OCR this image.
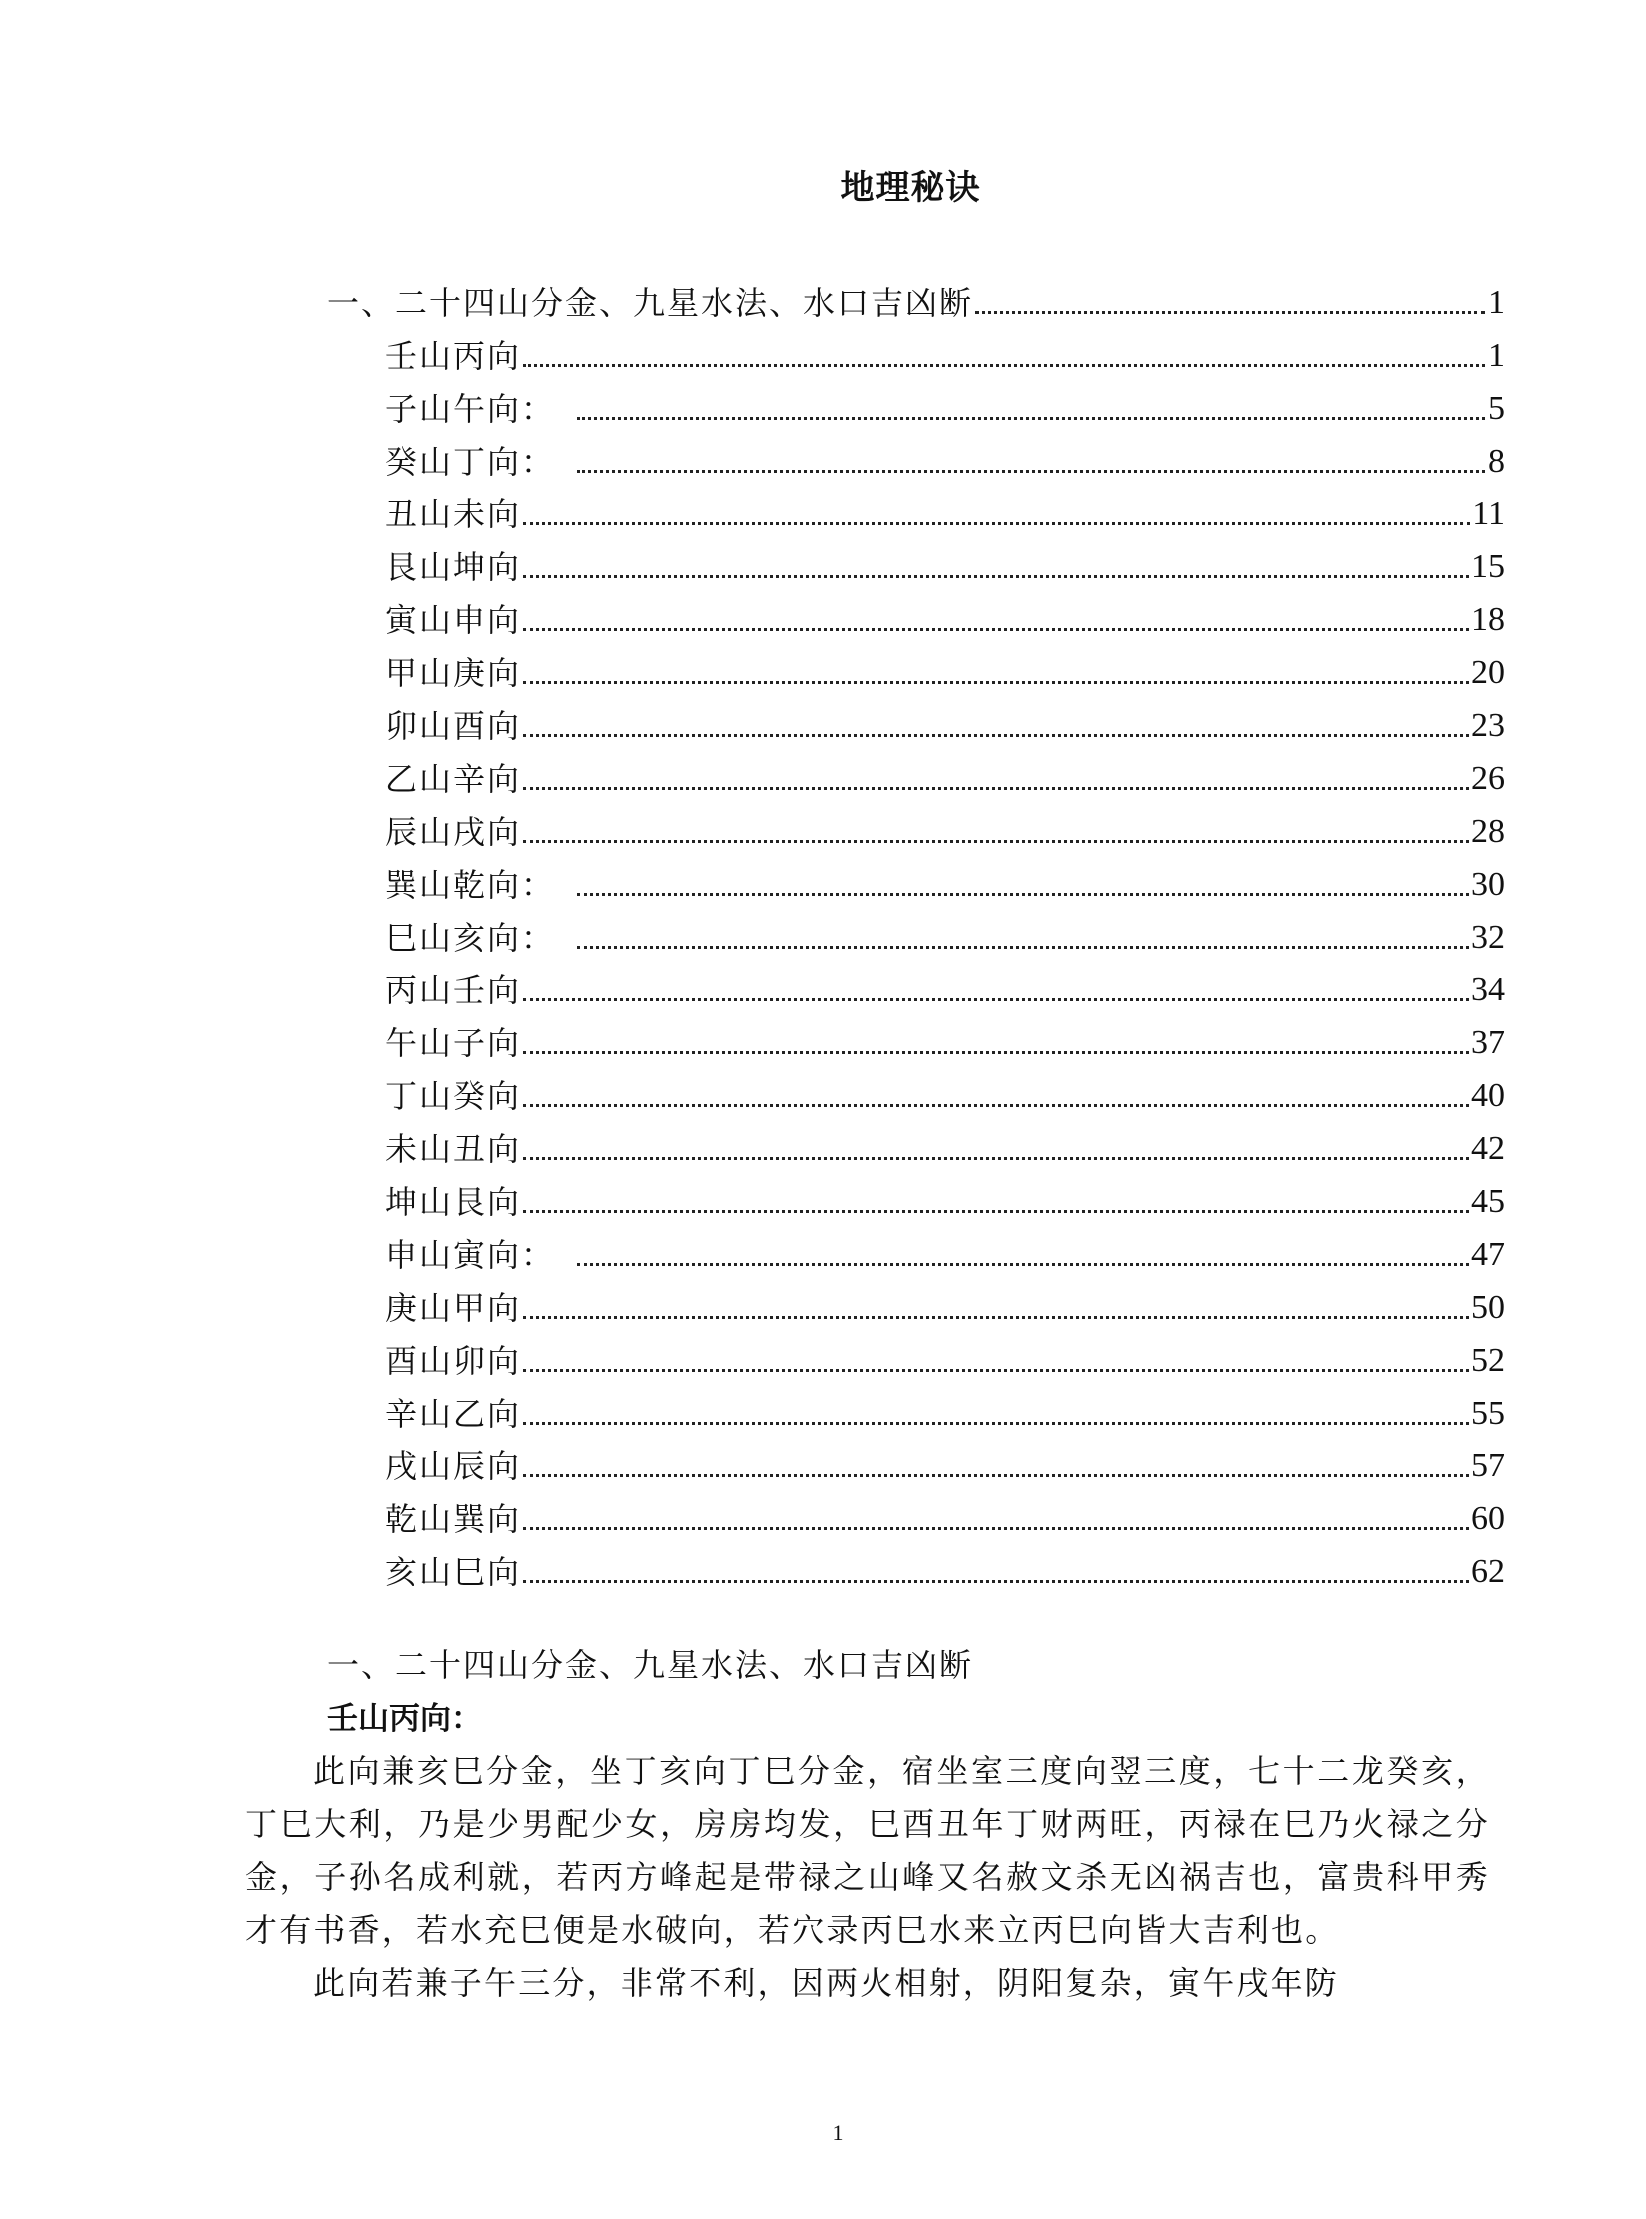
地理秘诀
一、二十四山分金、九星水法、水口吉凶断	1
壬山丙向	1
子山午向：	5
癸山丁向：	8
丑山未向	11
艮山坤向	15
寅山申向	18
甲山庚向	20
卯山酉向	23
乙山辛向	26
辰山戌向	28
巽山乾向：	30
巳山亥向：	32
丙山壬向	34
午山子向	37
丁山癸向	40
未山丑向	42
坤山艮向	45
申山寅向：	47
庚山甲向	50
酉山卯向	52
辛山乙向	55
戌山辰向	57
乾山巽向	60
亥山巳向	62
一、二十四山分金、九星水法、水口吉凶断
壬山丙向：

此向兼亥巳分金，坐丁亥向丁巳分金，宿坐室三度向翌三度，七十二龙癸亥，丁巳大利，乃是少男配少女，房房均发，巳酉丑年丁财两旺，丙禄在巳乃火禄之分金，子孙名成利就，若丙方峰起是带禄之山峰又名赦文杀无凶祸吉也，富贵科甲秀才有书香，若水充巳便是水破向，若穴录丙巳水来立丙巳向皆大吉利也。

此向若兼子午三分，非常不利，因两火相射，阴阳复杂，寅午戌年防

1
